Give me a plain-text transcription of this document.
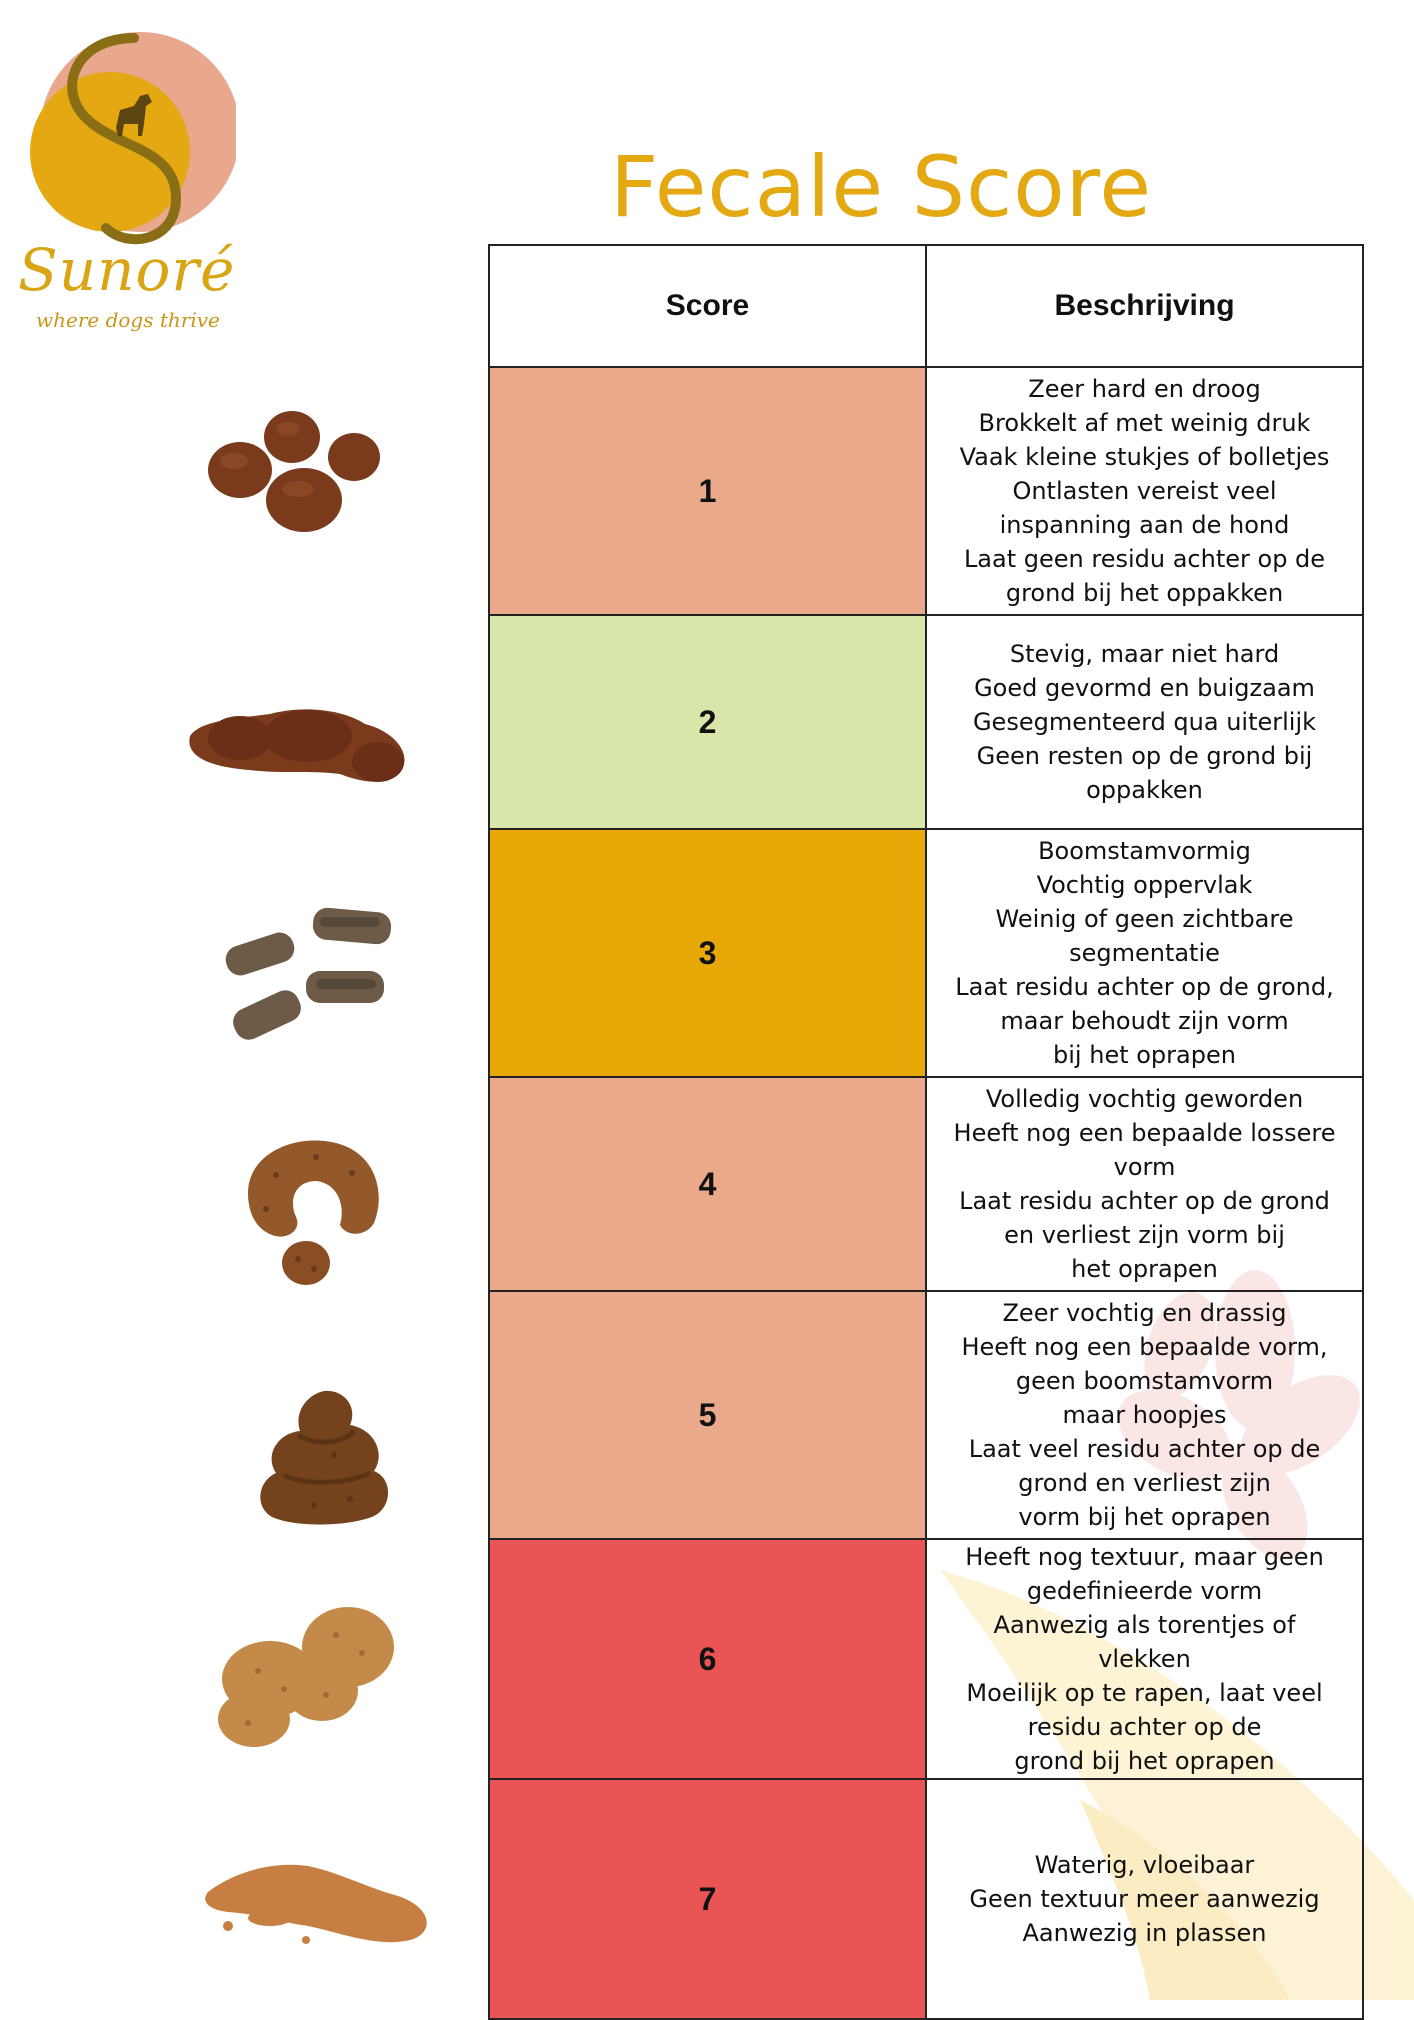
Sunoré
where dogs thrive
Fecale Score
Score	Beschrijving
1	Zeer hard en droog
Brokkelt af met weinig druk
Vaak kleine stukjes of bolletjes
Ontlasten vereist veel inspanning aan de hond
Laat geen residu achter op de grond bij het oppakken

2	Stevig, maar niet hard
Goed gevormd en buigzaam
Gesegmenteerd qua uiterlijk
Geen resten op de grond bij oppakken

3	Boomstamvormig
Vochtig oppervlak
Weinig of geen zichtbare segmentatie
Laat residu achter op de grond, maar behoudt zijn vorm
bij het oprapen

4	Volledig vochtig geworden
Heeft nog een bepaalde lossere vorm
Laat residu achter op de grond en verliest zijn vorm bij
het oprapen

5	Zeer vochtig en drassig
Heeft nog een bepaalde vorm, geen boomstamvorm
maar hoopjes
Laat veel residu achter op de grond en verliest zijn
vorm bij het oprapen

6	Heeft nog textuur, maar geen gedefinieerde vorm
Aanwezig als torentjes of vlekken
Moeilijk op te rapen, laat veel residu achter op de
grond bij het oprapen

7	Waterig, vloeibaar
Geen textuur meer aanwezig
Aanwezig in plassen
